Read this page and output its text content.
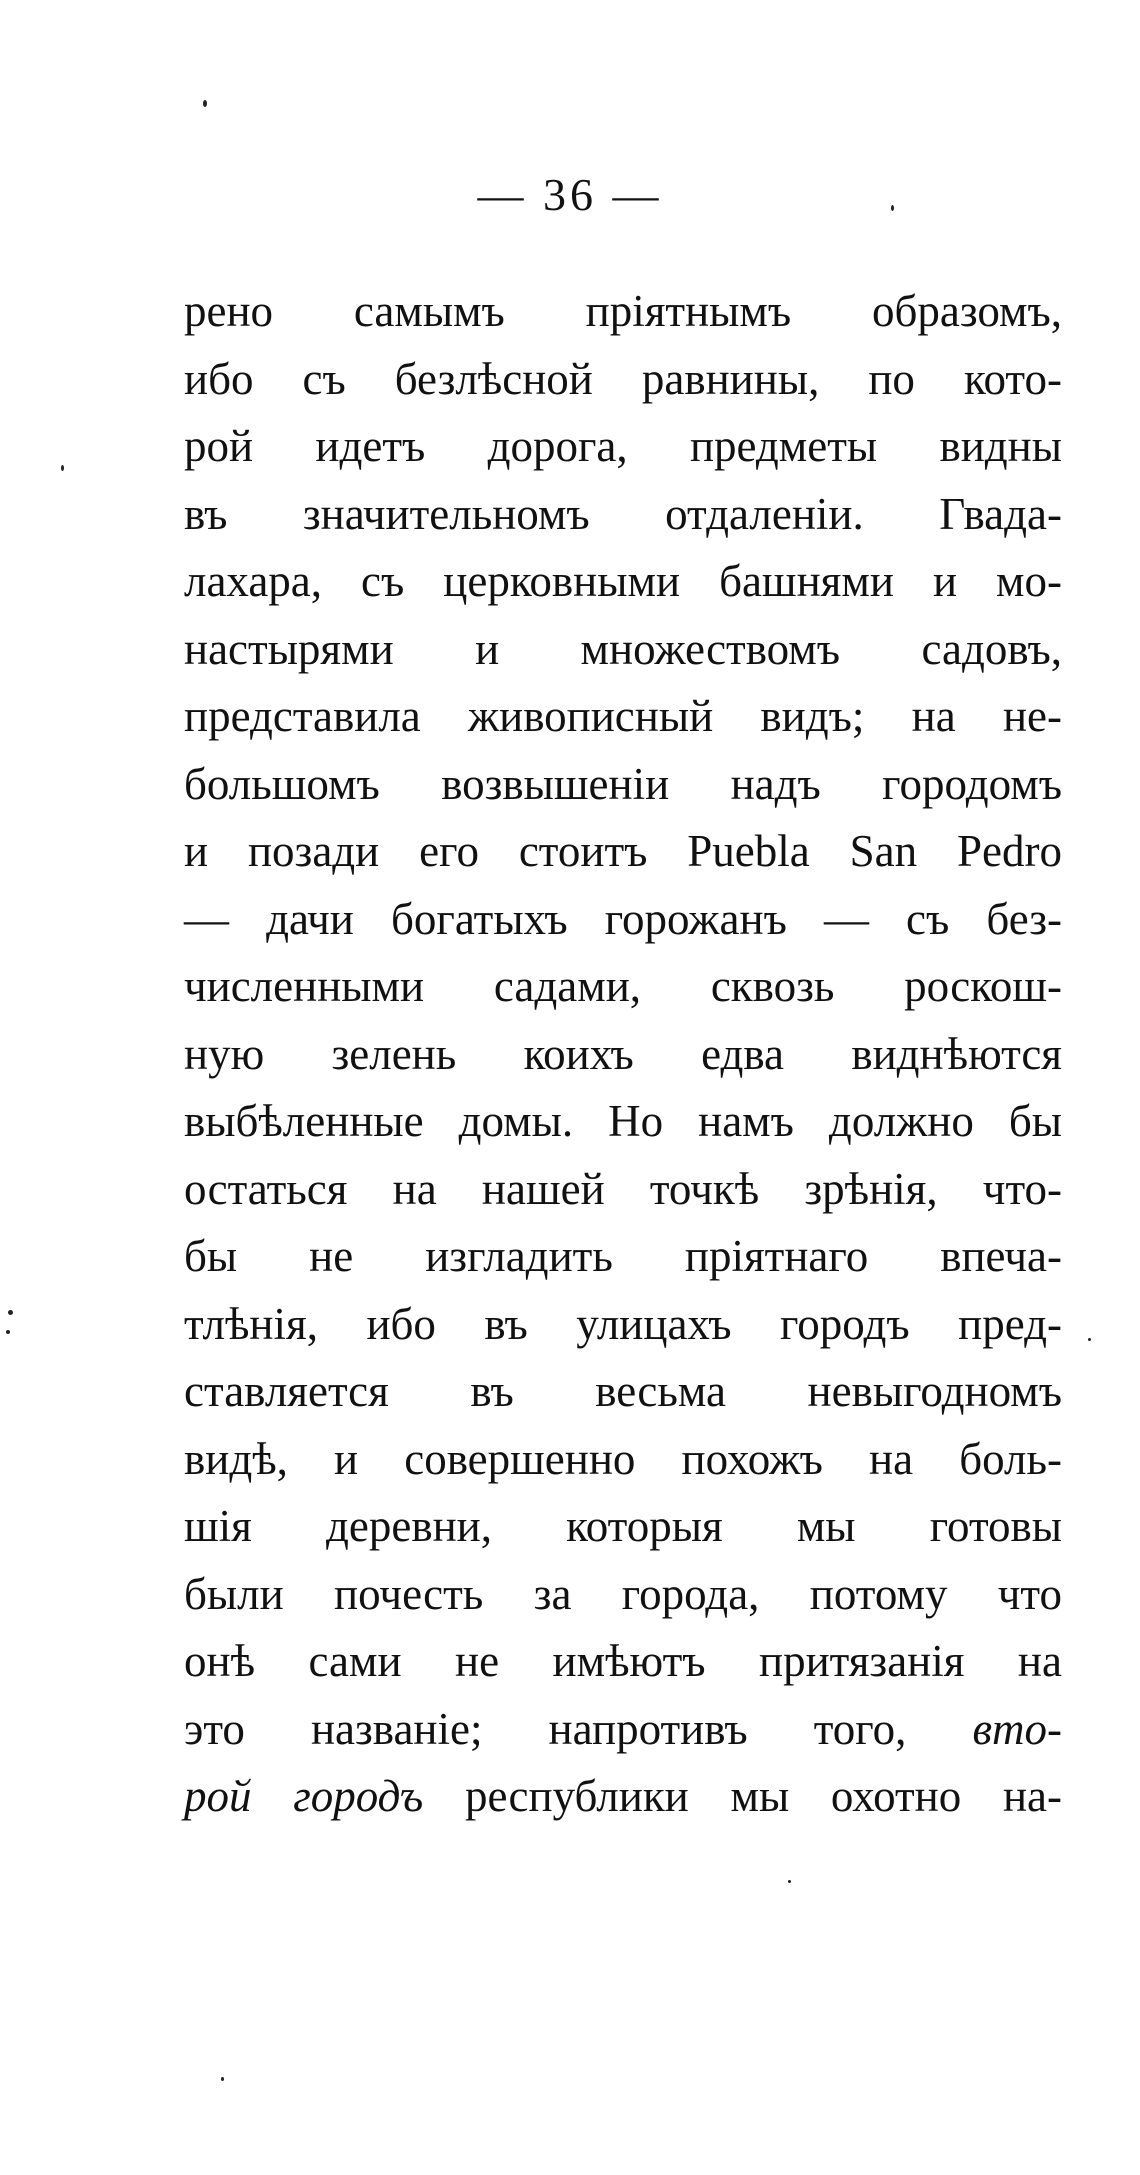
— 36 —
рено самымъ пріятнымъ образомъ,
ибо съ безлѣсной равнины, по кото-
рой идетъ дорога, предметы видны
въ значительномъ отдаленіи. Гвада-
лахара, съ церковными башнями и мо-
настырями и множествомъ садовъ,
представила живописный видъ; на не-
большомъ возвышеніи надъ городомъ
и позади его стоитъ Puebla San Pedro
— дачи богатыхъ горожанъ — съ без-
численными садами, сквозь роскош-
ную зелень коихъ едва виднѣются
выбѣленные домы. Но намъ должно бы
остаться на нашей точкѣ зрѣнія, что-
бы не изгладить пріятнаго впеча-
тлѣнія, ибо въ улицахъ городъ пред-
ставляется въ весьма невыгодномъ
видѣ, и совершенно похожъ на боль-
шія деревни, которыя мы готовы
были почесть за города, потому что
онѣ сами не имѣютъ притязанія на
это названіе; напротивъ того, вто-
рой городъ республики мы охотно на-
